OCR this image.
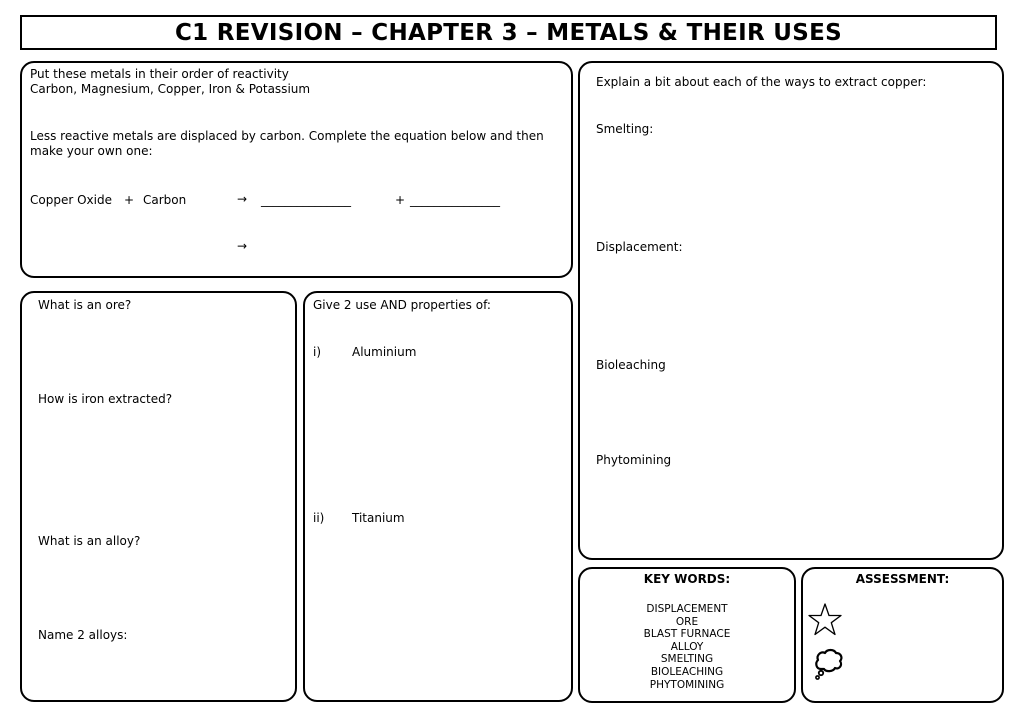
C1 REVISION – CHAPTER 3 – METALS & THEIR USES
Put these metals in their order of reactivity
Carbon, Magnesium, Copper, Iron & Potassium
Less reactive metals are displaced by carbon. Complete the equation below and then make your own one:
Copper Oxide + Carbon	→ _______________	+ _______________
→
What is an ore?
How is iron extracted?
What is an alloy?
Name 2 alloys:
Give 2 use AND properties of:
i)	Aluminium
ii) Titanium
Explain a bit about each of the ways to extract copper:
Smelting:
Displacement:
Bioleaching
Phytomining
KEY WORDS:
DISPLACEMENT
ORE
BLAST FURNACE
ALLOY
SMELTING
BIOLEACHING
PHYTOMINING
ASSESSMENT:
